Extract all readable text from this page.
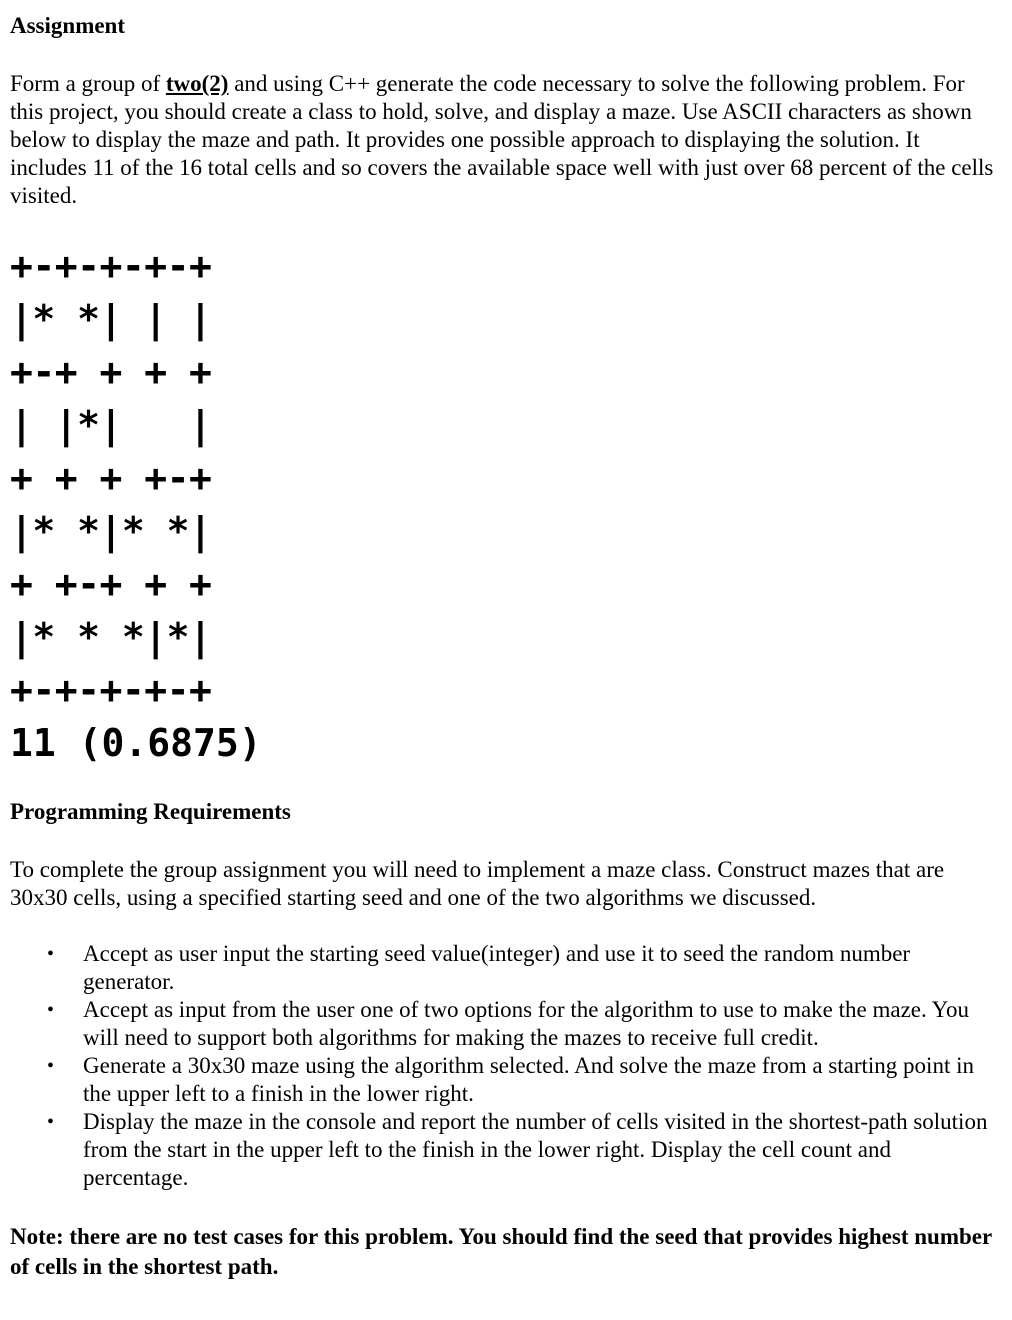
Assignment

Form a group of two(2) and using C++ generate the code necessary to solve the following problem. For this project, you should create a class to hold, solve, and display a maze. Use ASCII characters as shown below to display the maze and path. It provides one possible approach to displaying the solution. It includes 11 of the 16 total cells and so covers the available space well with just over 68 percent of the cells visited.

+-+-+-+-+
|* *| | |
+-+ + + +
| |*|   |
+ + + +-+
|* *|* *|
+ +-+ + +
|* * *|*|
+-+-+-+-+
11 (0.6875)

Programming Requirements

To complete the group assignment you will need to implement a maze class. Construct mazes that are 30x30 cells, using a specified starting seed and one of the two algorithms we discussed.

• Accept as user input the starting seed value(integer) and use it to seed the random number generator.
• Accept as input from the user one of two options for the algorithm to use to make the maze. You will need to support both algorithms for making the mazes to receive full credit.
• Generate a 30x30 maze using the algorithm selected. And solve the maze from a starting point in the upper left to a finish in the lower right.
• Display the maze in the console and report the number of cells visited in the shortest-path solution from the start in the upper left to the finish in the lower right. Display the cell count and percentage.

Note: there are no test cases for this problem. You should find the seed that provides highest number of cells in the shortest path.
